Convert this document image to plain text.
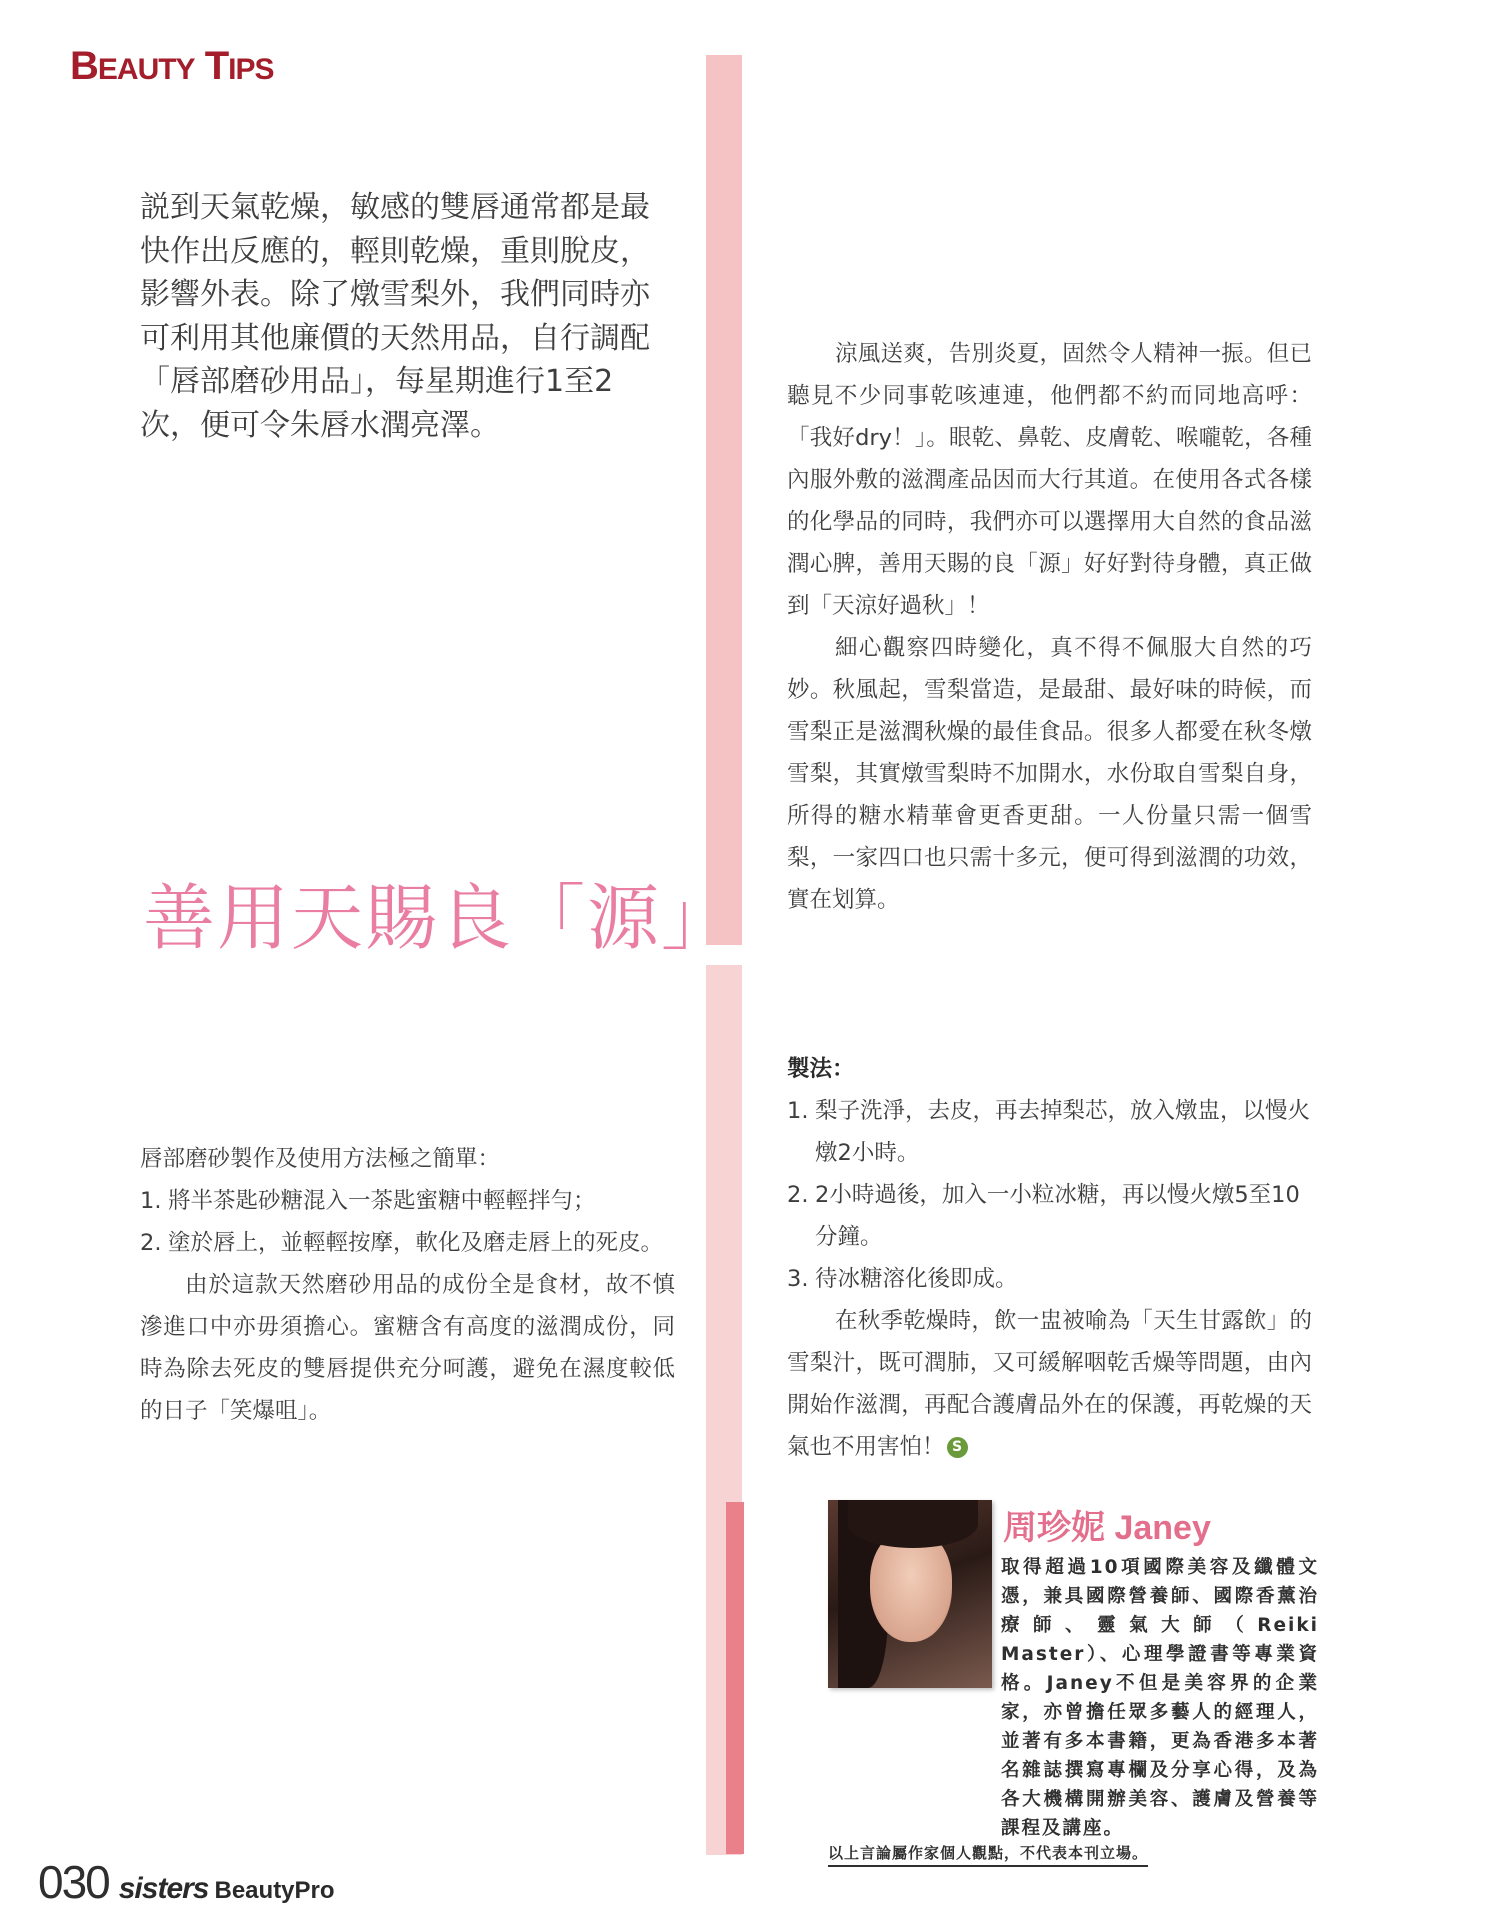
BEAUTY TIPS

説到天氣乾燥，敏感的雙唇通常都是最

快作出反應的，輕則乾燥，重則脫皮，

影響外表。除了燉雪梨外，我們同時亦

可利用其他廉價的天然用品，自行調配

「唇部磨砂用品」，每星期進行1至2

次，便可令朱唇水潤亮澤。

善用天賜良「源」

唇部磨砂製作及使用方法極之簡單：

1. 將半茶匙砂糖混入一茶匙蜜糖中輕輕拌勻；
2. 塗於唇上，並輕輕按摩，軟化及磨走唇上的死皮。

由於這款天然磨砂用品的成份全是食材，故不慎滲進口中亦毋須擔心。蜜糖含有高度的滋潤成份，同時為除去死皮的雙唇提供充分呵護，避免在濕度較低的日子「笑爆咀」。

涼風送爽，告別炎夏，固然令人精神一振。但已聽見不少同事乾咳連連，他們都不約而同地高呼：「我好dry！」。眼乾、鼻乾、皮膚乾、喉嚨乾，各種內服外敷的滋潤產品因而大行其道。在使用各式各樣的化學品的同時，我們亦可以選擇用大自然的食品滋潤心脾，善用天賜的良「源」好好對待身體，真正做到「天涼好過秋」！

細心觀察四時變化，真不得不佩服大自然的巧妙。秋風起，雪梨當造，是最甜、最好味的時候，而雪梨正是滋潤秋燥的最佳食品。很多人都愛在秋冬燉雪梨，其實燉雪梨時不加開水，水份取自雪梨自身，所得的糖水精華會更香更甜。一人份量只需一個雪梨，一家四口也只需十多元，便可得到滋潤的功效，實在划算。

製法：

1. 梨子洗淨，去皮，再去掉梨芯，放入燉盅，以慢火燉2小時。
2. 2小時過後，加入一小粒冰糖，再以慢火燉5至10分鐘。
3. 待冰糖溶化後即成。

在秋季乾燥時，飲一盅被喻為「天生甘露飲」的雪梨汁，既可潤肺，又可緩解咽乾舌燥等問題，由內開始作滋潤，再配合護膚品外在的保護，再乾燥的天氣也不用害怕！ S

周珍妮 Janey
取得超過10項國際美容及纖體文憑，兼具國際營養師、國際香薰治療師、靈氣大師（Reiki Master）、心理學證書等專業資格。Janey不但是美容界的企業家，亦曾擔任眾多藝人的經理人，並著有多本書籍，更為香港多本著名雜誌撰寫專欄及分享心得，及為各大機構開辦美容、護膚及營養等課程及講座。
以上言論屬作家個人觀點，不代表本刊立場。
030 sisters BeautyPro
